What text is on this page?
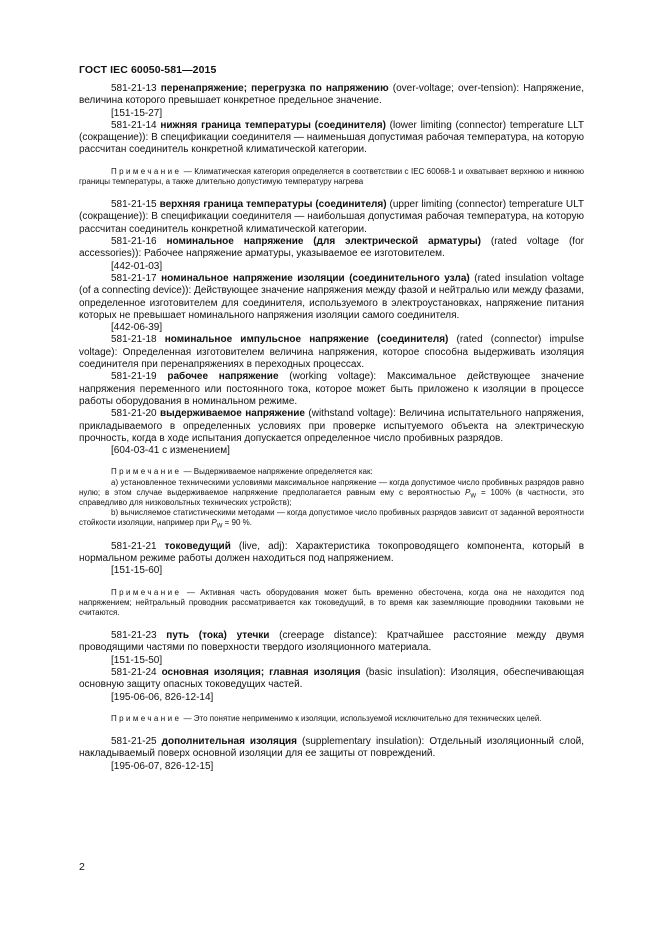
ГОСТ IEC 60050-581—2015

581-21-13 перенапряжение; перегрузка по напряжению (over-voltage; over-tension): Напряжение, величина которого превышает конкретное предельное значение.

[151-15-27]

581-21-14 нижняя граница температуры (соединителя) (lower limiting (connector) temperature LLT (сокращение)): В спецификации соединителя — наименьшая допустимая рабочая температура, на которую рассчитан соединитель конкретной климатической категории.

Примечание — Климатическая категория определяется в соответствии с IEC 60068-1 и охватывает верхнюю и нижнюю границы температуры, а также длительно допустимую температуру нагрева

581-21-15 верхняя граница температуры (соединителя) (upper limiting (connector) temperature ULT (сокращение)): В спецификации соединителя — наибольшая допустимая рабочая температура, на которую рассчитан соединитель конкретной климатической категории.

581-21-16 номинальное напряжение (для электрической арматуры) (rated voltage (for accessories)): Рабочее напряжение арматуры, указываемое ее изготовителем.

[442-01-03]

581-21-17 номинальное напряжение изоляции (соединительного узла) (rated insulation voltage (of a connecting device)): Действующее значение напряжения между фазой и нейтралью или между фазами, определенное изготовителем для соединителя, используемого в электроустановках, напряжение питания которых не превышает номинального напряжения изоляции самого соединителя.

[442-06-39]

581-21-18 номинальное импульсное напряжение (соединителя) (rated (connector) impulse voltage): Определенная изготовителем величина напряжения, которое способна выдерживать изоляция соединителя при перенапряжениях в переходных процессах.

581-21-19 рабочее напряжение (working voltage): Максимальное действующее значение напряжения переменного или постоянного тока, которое может быть приложено к изоляции в процессе работы оборудования в номинальном режиме.

581-21-20 выдерживаемое напряжение (withstand voltage): Величина испытательного напряжения, прикладываемого в определенных условиях при проверке испытуемого объекта на электрическую прочность, когда в ходе испытания допускается определенное число пробивных разрядов.

[604-03-41 с изменением]

Примечание — Выдерживаемое напряжение определяется как:

а) установленное техническими условиями максимальное напряжение — когда допустимое число пробивных разрядов равно нулю; в этом случае выдерживаемое напряжение предполагается равным ему с вероятностью $P_W = 100\%$ (в частности, это справедливо для низковольтных технических устройств);

b) вычисляемое статистическими методами — когда допустимое число пробивных разрядов зависит от заданной вероятности стойкости изоляции, например при $P_W = 90$ %.

581-21-21 токоведущий (live, adj): Характеристика токопроводящего компонента, который в нормальном режиме работы должен находиться под напряжением.

[151-15-60]

Примечание — Активная часть оборудования может быть временно обесточена, когда она не находится под напряжением; нейтральный проводник рассматривается как токоведущий, в то время как заземляющие проводники таковыми не считаются.

581-21-23 путь (тока) утечки (creepage distance): Кратчайшее расстояние между двумя проводящими частями по поверхности твердого изоляционного материала.

[151-15-50]

581-21-24 основная изоляция; главная изоляция (basic insulation): Изоляция, обеспечивающая основную защиту опасных токоведущих частей.

[195-06-06, 826-12-14]

Примечание — Это понятие неприменимо к изоляции, используемой исключительно для технических целей.

581-21-25 дополнительная изоляция (supplementary insulation): Отдельный изоляционный слой, накладываемый поверх основной изоляции для ее защиты от повреждений.

[195-06-07, 826-12-15]

2
